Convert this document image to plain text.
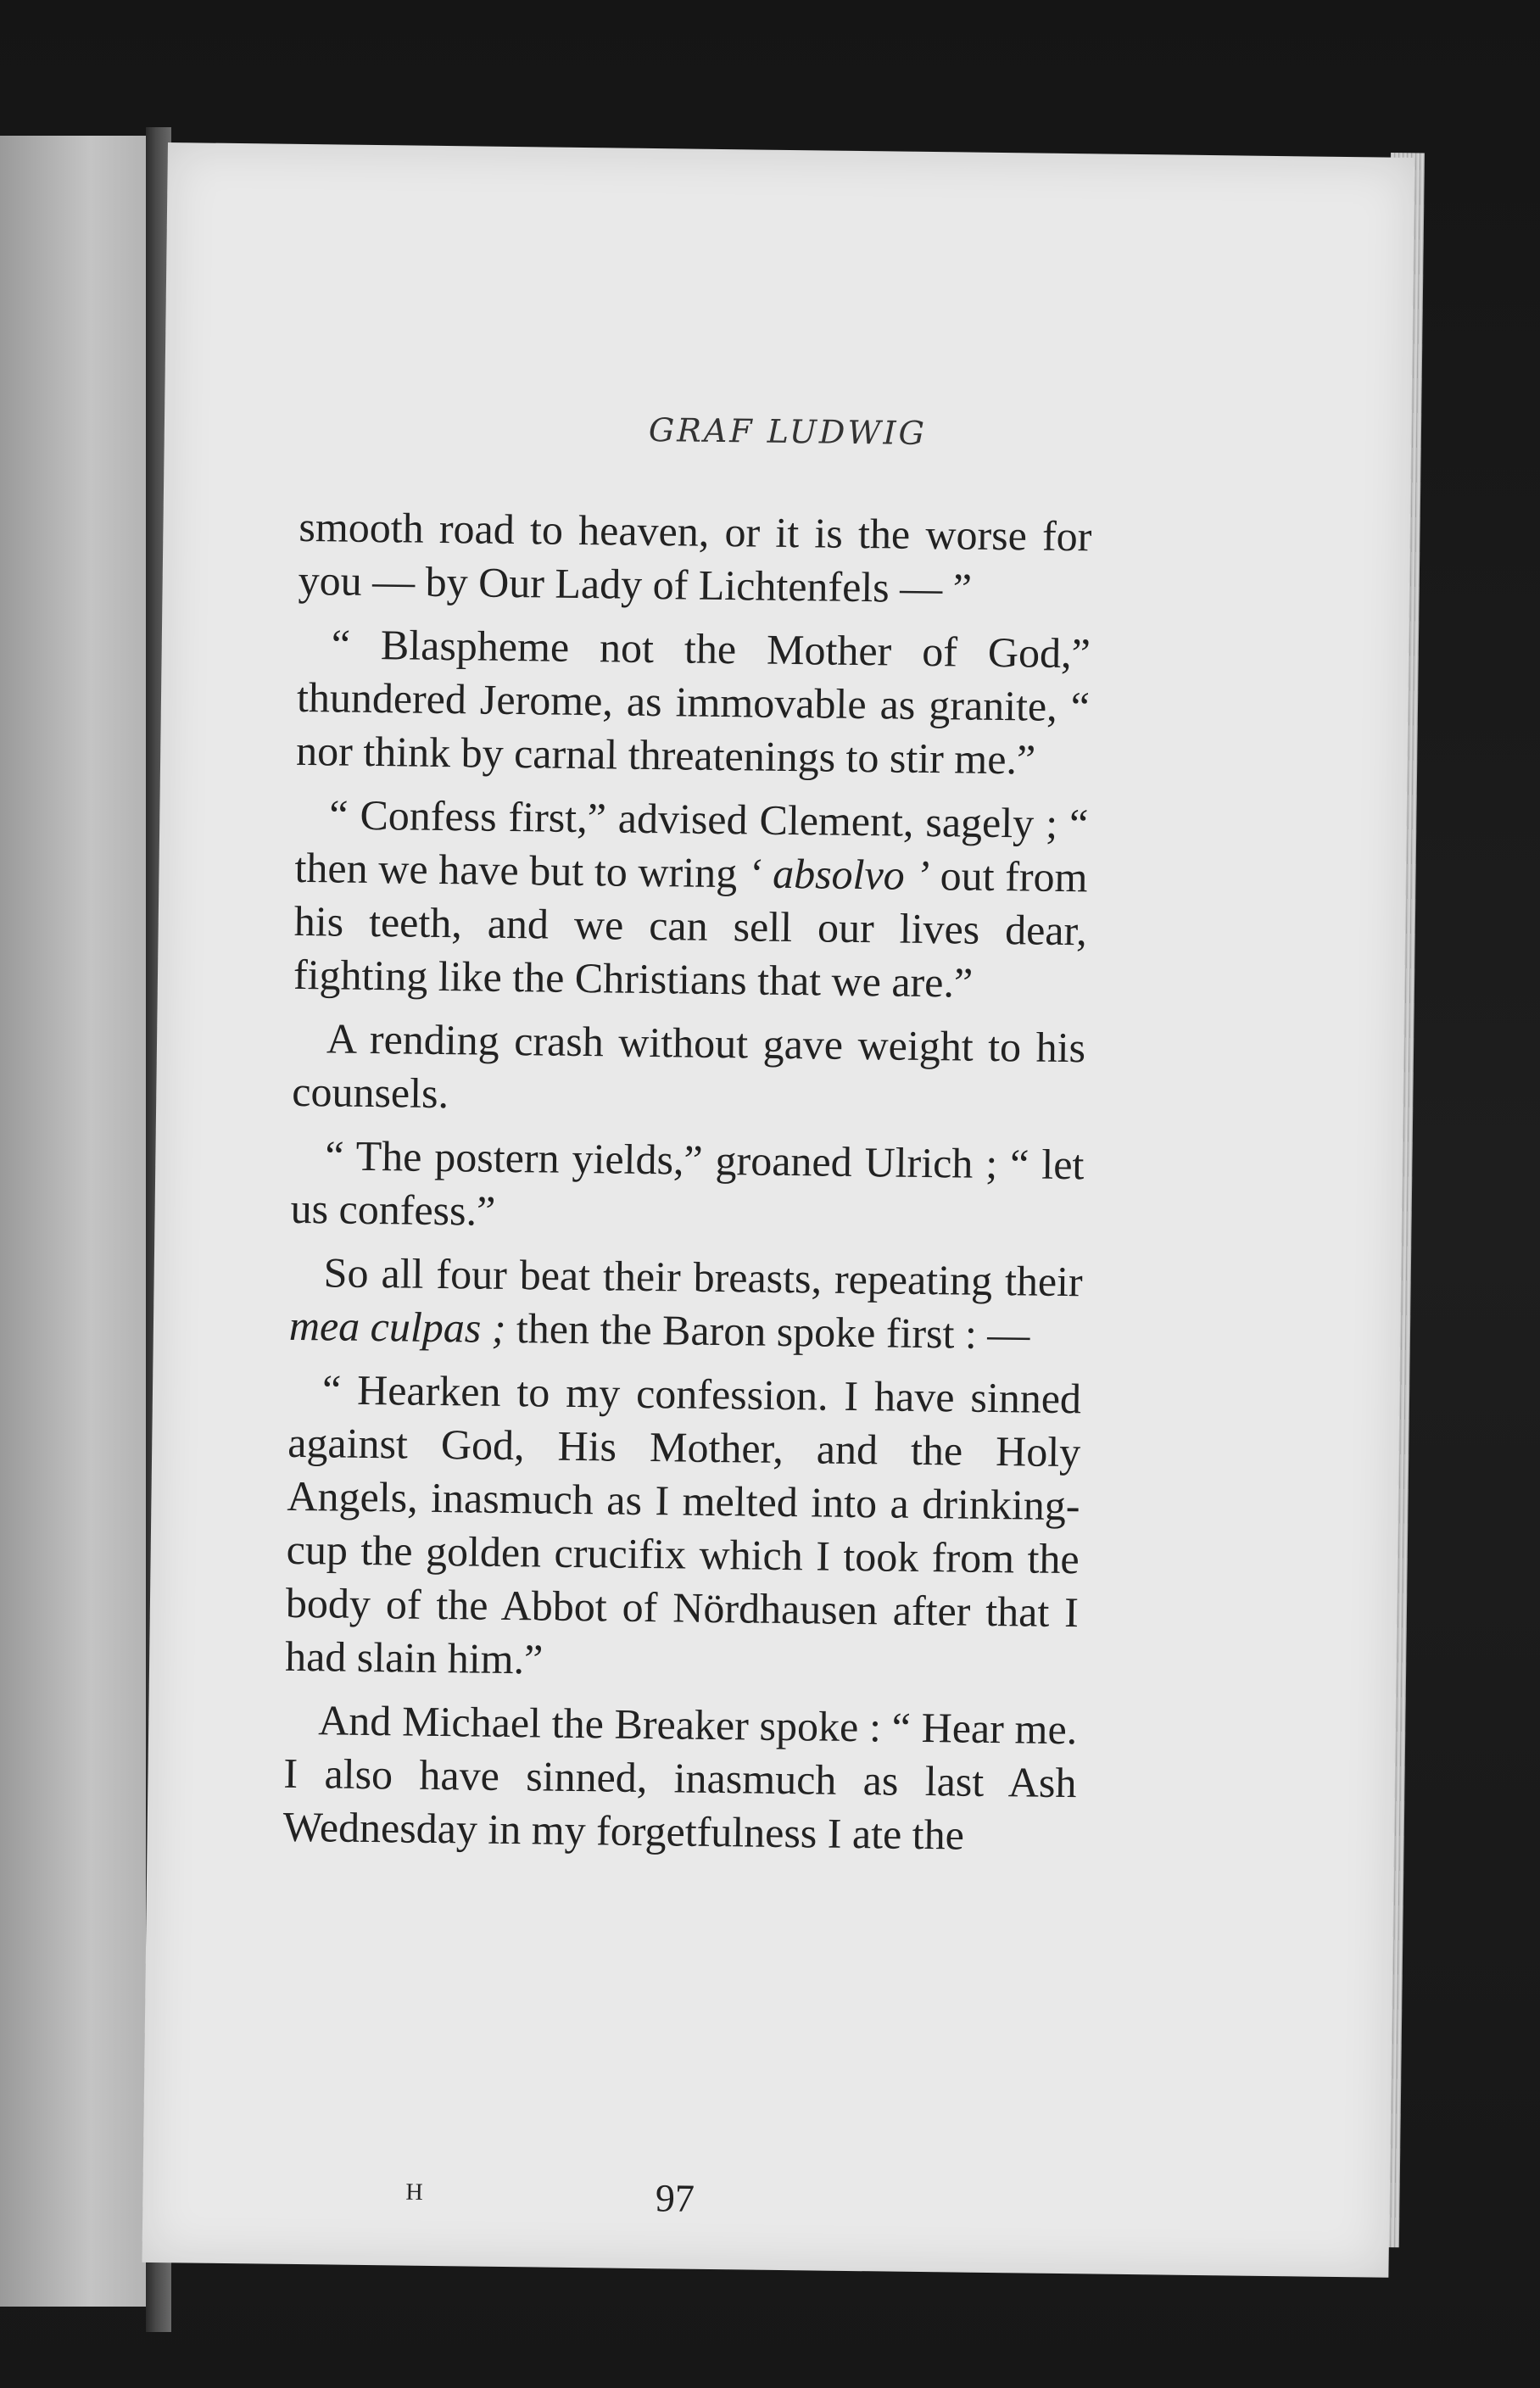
GRAF LUDWIG

smooth road to heaven, or it is the worse for you — by Our Lady of Lichtenfels — ”

“ Blaspheme not the Mother of God,” thundered Jerome, as immovable as granite, “ nor think by carnal threatenings to stir me.”

“ Confess first,” advised Clement, sagely ; “ then we have but to wring ‘ absolvo ’ out from his teeth, and we can sell our lives dear, fighting like the Christians that we are.”

A rending crash without gave weight to his counsels.

“ The postern yields,” groaned Ulrich ; “ let us confess.”

So all four beat their breasts, repeating their mea culpas ; then the Baron spoke first : —

“ Hearken to my confession. I have sinned against God, His Mother, and the Holy Angels, inasmuch as I melted into a drinking-cup the golden crucifix which I took from the body of the Abbot of Nördhausen after that I had slain him.”

And Michael the Breaker spoke : “ Hear me. I also have sinned, inasmuch as last Ash Wednesday in my forgetfulness I ate the

H	97
